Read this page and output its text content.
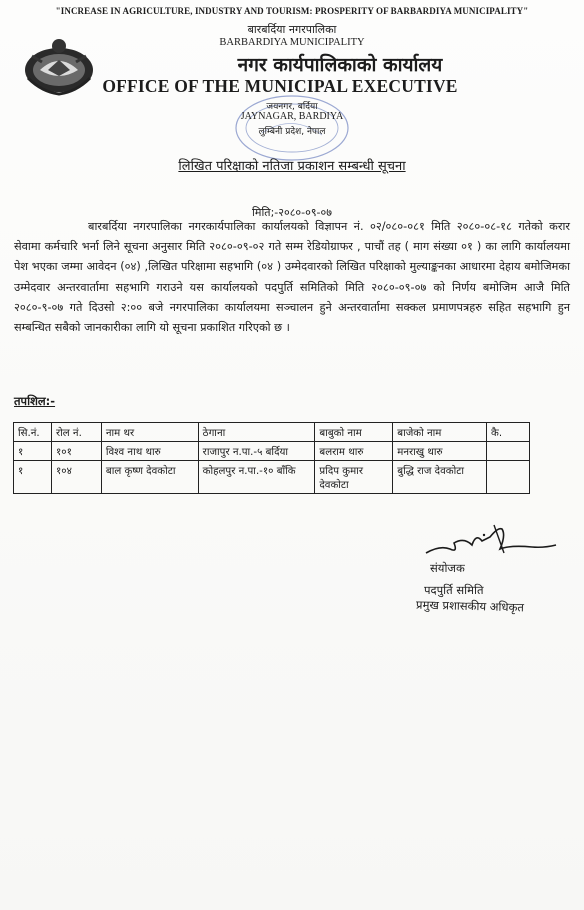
"INCREASE IN AGRICULTURE, INDUSTRY AND TOURISM: PROSPERITY OF BARBARDIYA MUNICIPALITY"
बारबर्दिया नगरपालिका
BARBARDIYA MUNICIPALITY
नगर कार्यपालिकाको कार्यालय
OFFICE OF THE MUNICIPAL EXECUTIVE
जयनगर, बर्दिया
JAYNAGAR, BARDIYA
लुम्बिनी प्रदेश, नेपाल
लिखित परिक्षाको नतिजा प्रकाशन सम्बन्धी सूचना
मिति;-२०८०-०९-०७
बारबर्दिया नगरपालिका नगरकार्यपालिका कार्यालयको विज्ञापन नं. ०२/०८०-०८१ मिति २०८०-०८-१८ गतेको करार सेवामा कर्मचारि भर्ना लिने सूचना अनुसार मिति २०८०-०९-०२ गते सम्म रेडियोग्राफर , पाचौं तह ( माग संख्या ०१ ) का लागि कार्यालयमा पेश भएका जम्मा आवेदन (०४) ,लिखित परिक्षामा सहभागि (०४ ) उम्मेदवारको लिखित परिक्षाको मुल्याङ्कनका आधारमा देहाय बमोजिमका उम्मेदवार अन्तरवार्तामा सहभागि गराउने यस कार्यालयको पदपुर्ति समितिको मिति २०८०-०९-०७ को निर्णय बमोजिम आजै मिति २०८०-९-०७ गते दिउसो २:०० बजे नगरपालिका कार्यालयमा सञ्चालन हुने अन्तरवार्तामा सक्कल प्रमाणपत्रहरु सहित सहभागि हुन सम्बन्धित सबैको जानकारीका लागि यो सूचना प्रकाशित गरिएको छ ।
तपशिल:-
सि.नं.	रोल नं.	नाम थर	ठेगाना	बाबुको नाम	बाजेको नाम	कै.
१	१०१	विश्व नाथ थारु	राजापुर न.पा.-५ बर्दिया	बलराम थारु	मनराखु थारु	
१	१०४	बाल कृष्ण देवकोटा	कोहलपुर न.पा.-१० बाँकि	प्रदिप कुमार देवकोटा	बुद्धि राज देवकोटा	
संयोजक
पदपुर्ति समिति
प्रमुख प्रशासकीय अधिकृत
